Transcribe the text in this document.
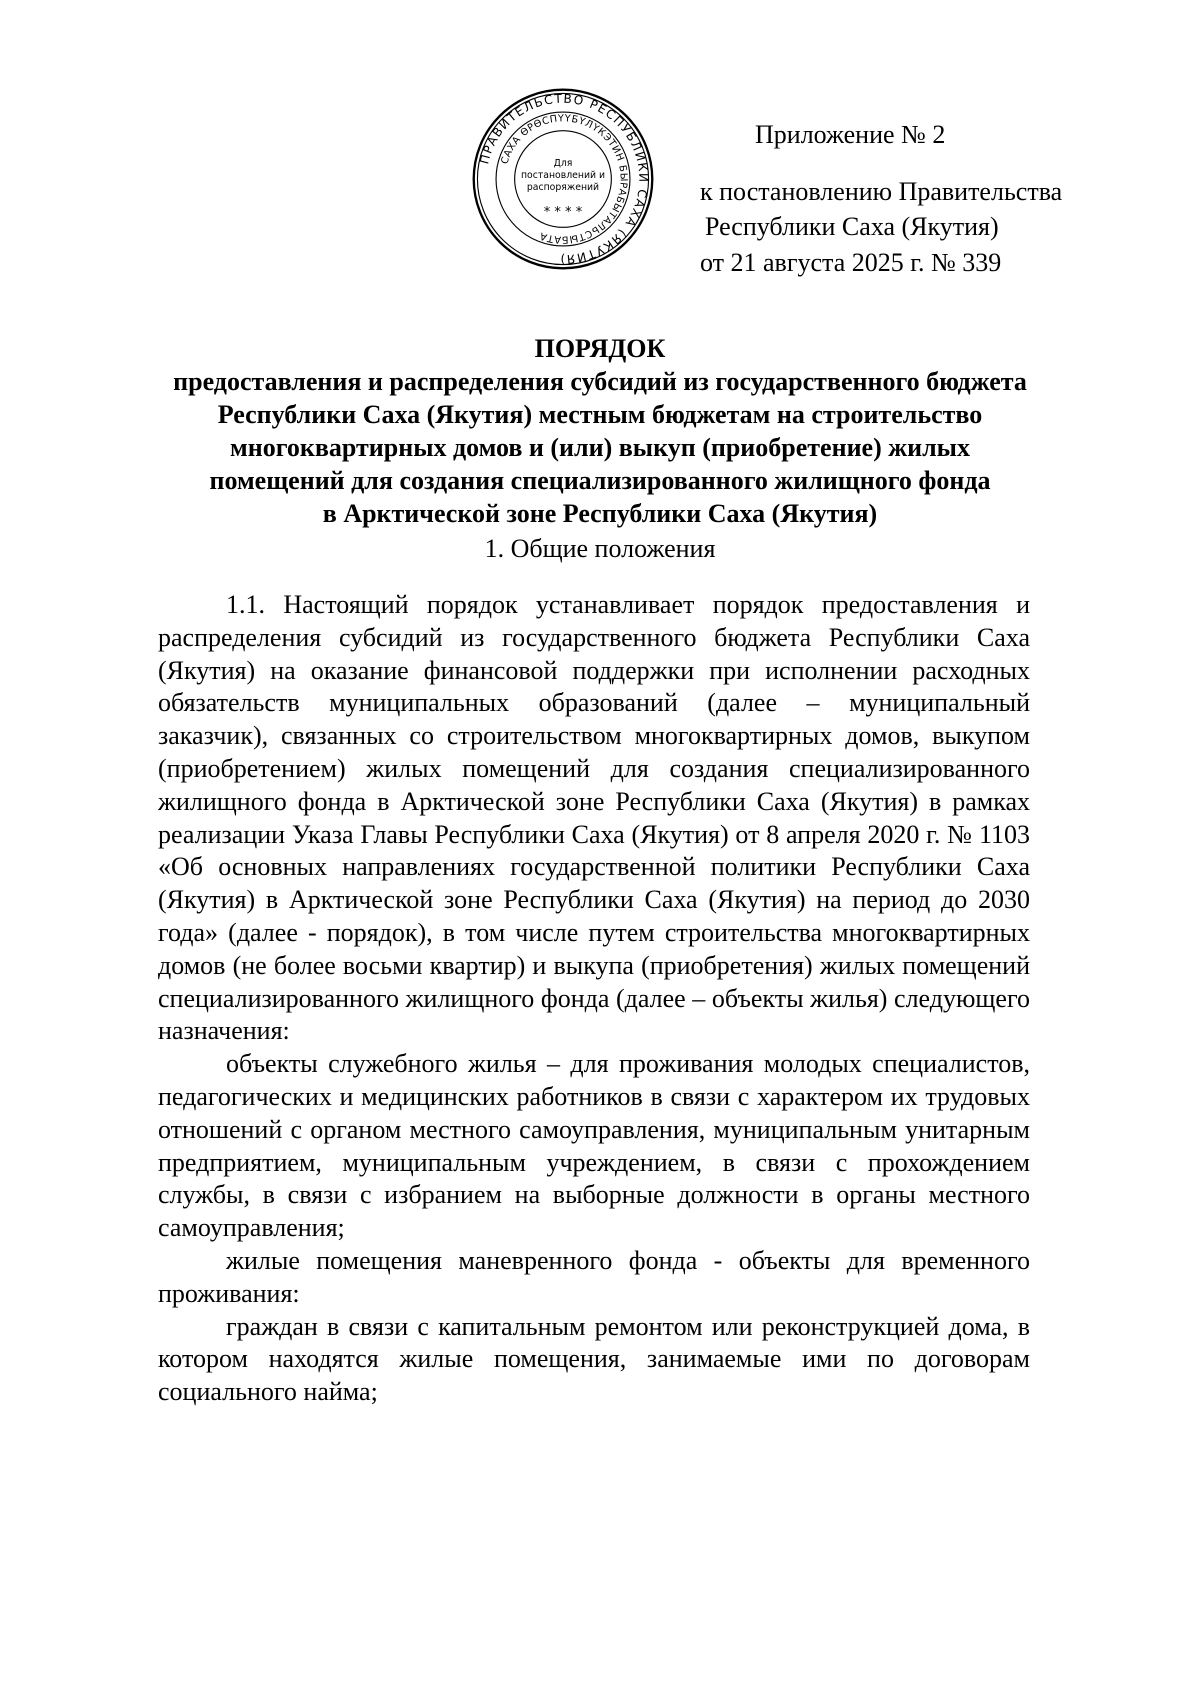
Приложение № 2
к постановлению Правительства
Республики Саха (Якутия)
от 21 августа 2025 г. № 339
ПРАВИТЕЛЬСТВО РЕСПУБЛИКИ САХА (ЯКУТИЯ)
САХА ӨРӨСПҮҮБҮЛҮКЭТИН БЫРАБЫТАЛЬСТЫБАТА
Для
постановлений и
распоряжений
* * * *
ПОРЯДОК
предоставления и распределения субсидий из государственного бюджета
Республики Саха (Якутия) местным бюджетам на строительство
многоквартирных домов и (или) выкуп (приобретение) жилых
помещений для создания специализированного жилищного фонда
в Арктической зоне Республики Саха (Якутия)
1. Общие положения

1.1. Настоящий порядок устанавливает порядок предоставления и распределения субсидий из государственного бюджета Республики Саха (Якутия) на оказание финансовой поддержки при исполнении расходных обязательств муниципальных образований (далее – муниципальный заказчик), связанных со строительством многоквартирных домов, выкупом (приобретением) жилых помещений для создания специализированного жилищного фонда в Арктической зоне Республики Саха (Якутия) в рамках реализации Указа Главы Республики Саха (Якутия) от 8 апреля 2020 г. № 1103 «Об основных направлениях государственной политики Республики Саха (Якутия) в Арктической зоне Республики Саха (Якутия) на период до 2030 года» (далее - порядок), в том числе путем строительства многоквартирных домов (не более восьми квартир) и выкупа (приобретения) жилых помещений специализированного жилищного фонда (далее – объекты жилья) следующего назначения:

объекты служебного жилья – для проживания молодых специалистов, педагогических и медицинских работников в связи с характером их трудовых отношений с органом местного самоуправления, муниципальным унитарным предприятием, муниципальным учреждением, в связи с прохождением службы, в связи с избранием на выборные должности в органы местного самоуправления;

жилые помещения маневренного фонда - объекты для временного проживания:

граждан в связи с капитальным ремонтом или реконструкцией дома, в котором находятся жилые помещения, занимаемые ими по договорам социального найма;
